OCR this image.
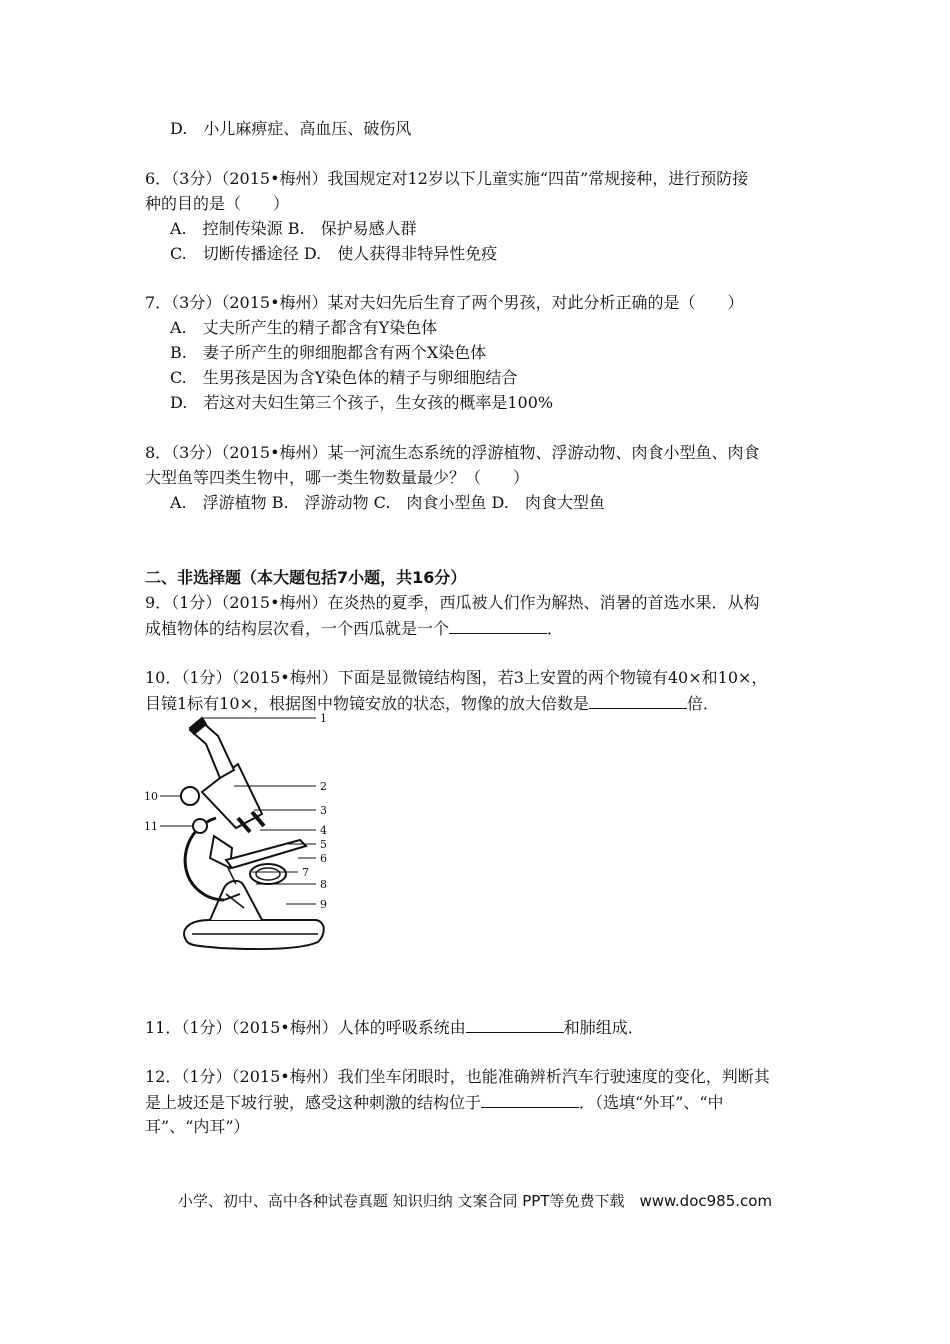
D.　小儿麻痹症、高血压、破伤风
6．（3分）（2015•梅州）我国规定对12岁以下儿童实施“四苗”常规接种，进行预防接
种的目的是（　　）
A.　控制传染源 B.　保护易感人群
C.　切断传播途径 D.　使人获得非特异性免疫
7．（3分）（2015•梅州）某对夫妇先后生育了两个男孩，对此分析正确的是（　　）
A.　丈夫所产生的精子都含有Y染色体
B.　妻子所产生的卵细胞都含有两个X染色体
C.　生男孩是因为含Y染色体的精子与卵细胞结合
D.　若这对夫妇生第三个孩子，生女孩的概率是100%
8．（3分）（2015•梅州）某一河流生态系统的浮游植物、浮游动物、肉食小型鱼、肉食
大型鱼等四类生物中，哪一类生物数量最少？（　　）
A.　浮游植物 B.　浮游动物 C.　肉食小型鱼 D.　肉食大型鱼
二、非选择题（本大题包括7小题，共16分）
9．（1分）（2015•梅州）在炎热的夏季，西瓜被人们作为解热、消暑的首选水果．从构
成植物体的结构层次看，一个西瓜就是一个	．
10．（1分）（2015•梅州）下面是显微镜结构图，若3上安置的两个物镜有40×和10×，
目镜1标有10×，根据图中物镜安放的状态，物像的放大倍数是	倍．
1
2
3
4
5
6
7
8
9
10
11
11．（1分）（2015•梅州）人体的呼吸系统由	和肺组成．
12．（1分）（2015•梅州）我们坐车闭眼时，也能准确辨析汽车行驶速度的变化，判断其
是上坡还是下坡行驶，感受这种刺激的结构位于	．（选填“外耳”、“中
耳”、“内耳”）
小学、初中、高中各种试卷真题 知识归纳 文案合同 PPT等免费下载　www.doc985.com
